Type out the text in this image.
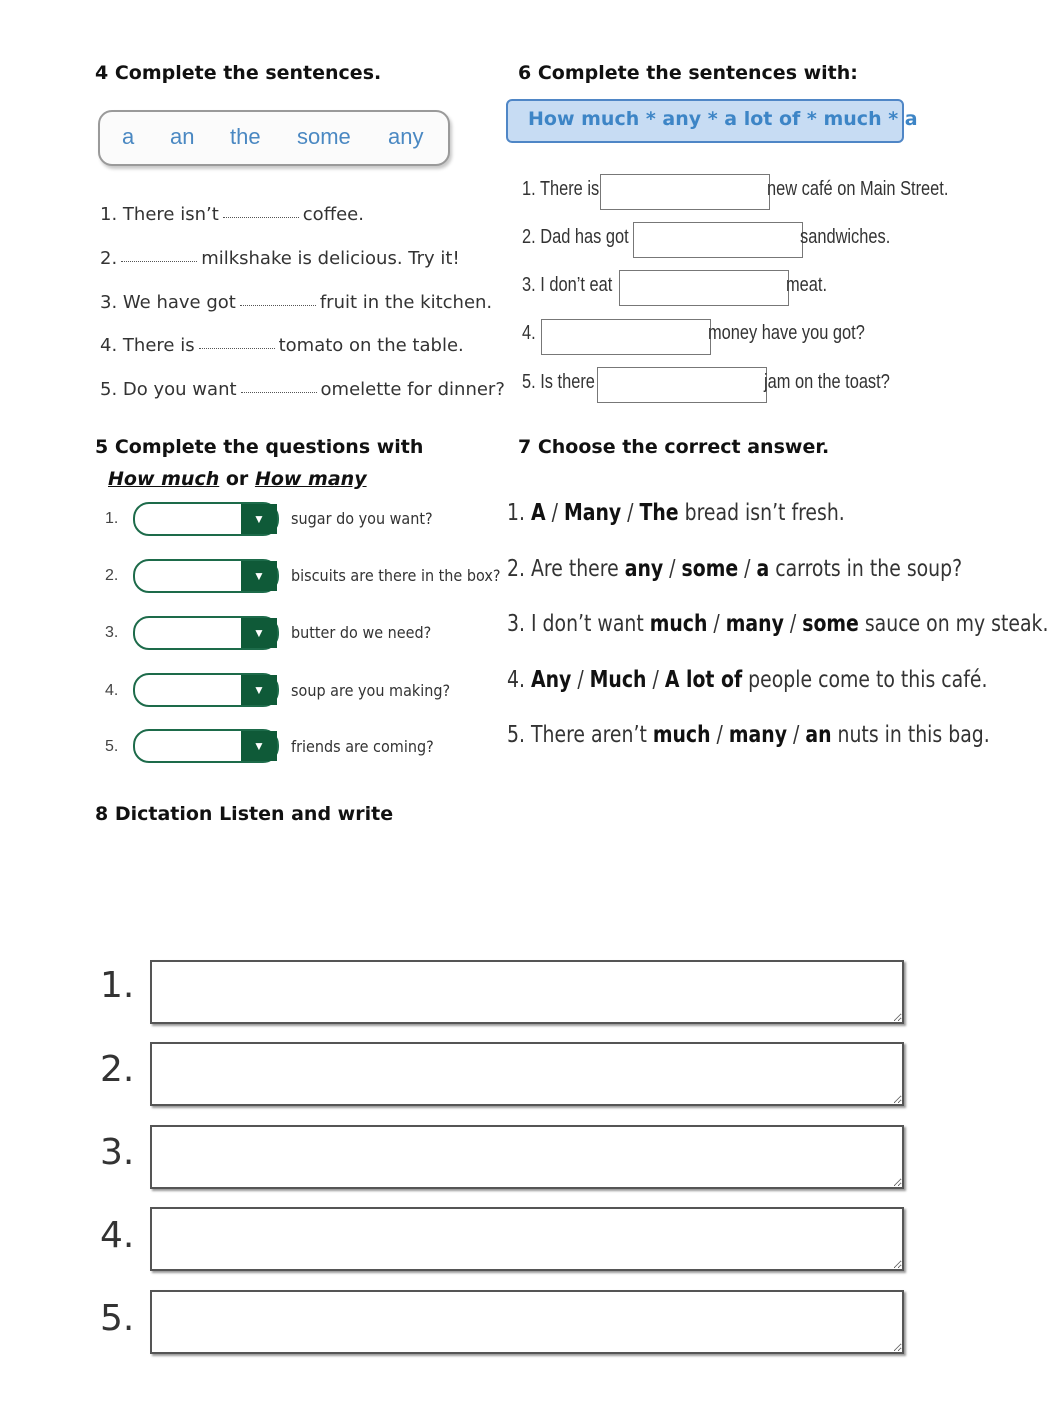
4 Complete the sentences.
a an the some any
1. There isn’t	coffee.
2.	milkshake is delicious. Try it!
3. We have got	fruit in the kitchen.
4. There is	tomato on the table.
5. Do you want	omelette for dinner?
6 Complete the sentences with:
How much * any * a lot of * much * a
1. There is	new café on Main Street.
2. Dad has got	sandwiches.
3. I don’t eat	meat.
4.	money have you got?
5. Is there	jam on the toast?
5 Complete the questions with
How much or How many
1.	▼	sugar do you want?
2.	▼	biscuits are there in the box?
3.	▼	butter do we need?
4.	▼	soup are you making?
5.	▼	friends are coming?
7 Choose the correct answer.
1. A / Many / The bread isn’t fresh.
2. Are there any / some / a carrots in the soup?
3. I don’t want much / many / some sauce on my steak.
4. Any / Much / A lot of people come to this café.
5. There aren’t much / many / an nuts in this bag.
8 Dictation Listen and write
1.
2.
3.
4.
5.
